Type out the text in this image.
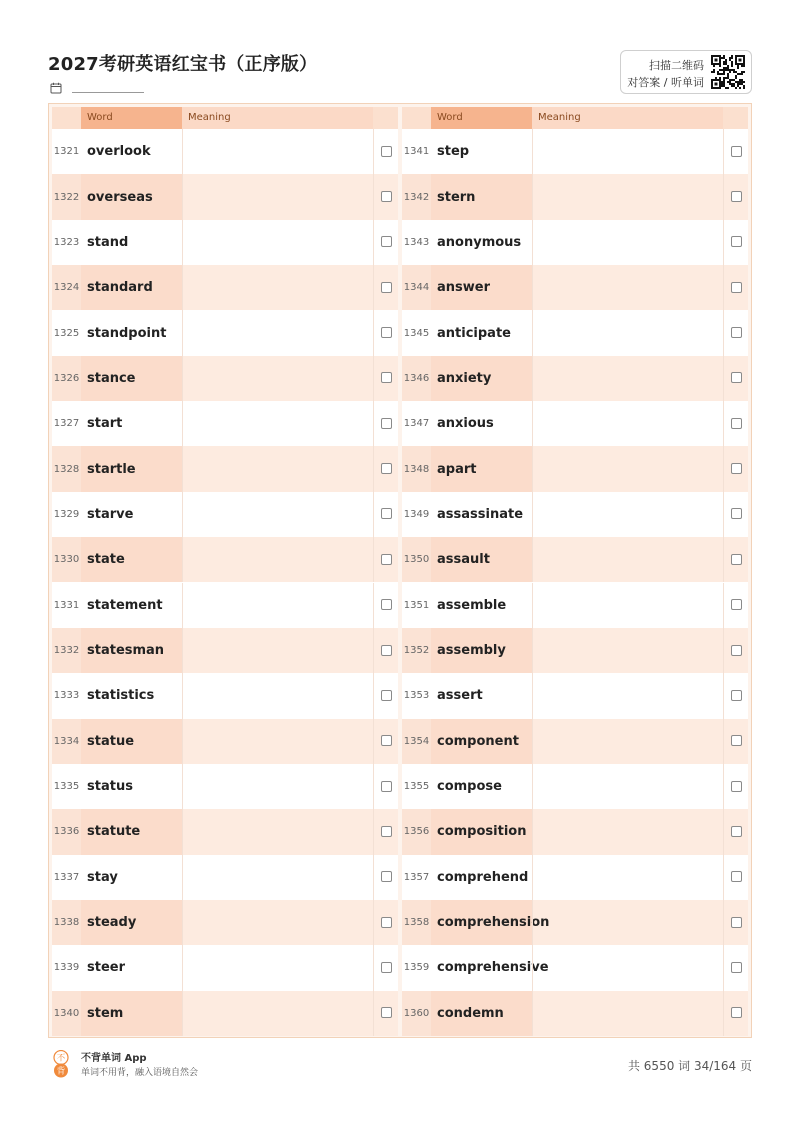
2027考研英语红宝书（正序版）	扫描二维码
对答案 / 听单词
Word	Meaning
1321 overlook
1322 overseas
1323 stand
1324 standard
1325 standpoint
1326 stance
1327 start
1328 startle
1329 starve
1330 state
1331 statement
1332 statesman
1333 statistics
1334 statue
1335 status
1336 statute
1337 stay
1338 steady
1339 steer
1340 stem
Word	Meaning
1341 step
1342 stern
1343 anonymous
1344 answer
1345 anticipate
1346 anxiety
1347 anxious
1348 apart
1349 assassinate
1350 assault
1351 assemble
1352 assembly
1353 assert
1354 component
1355 compose
1356 composition
1357 comprehend
1358 comprehension
1359 comprehensive
1360 condemn
不
背
不背单词 App
单词不用背，融入语境自然会	共 6550 词 34/164 页
